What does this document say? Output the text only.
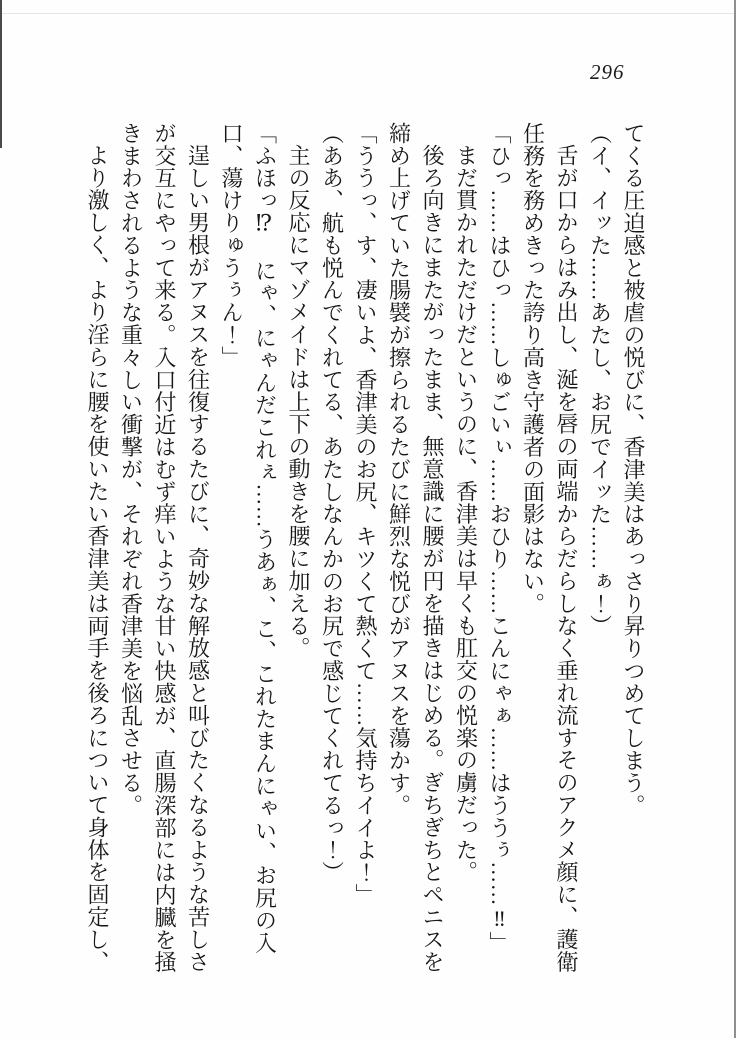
296

てくる圧迫感と被虐の悦びに、香津美はあっさり昇りつめてしまう。

（イ、イッた……あたし、お尻でイッた……ぁ！）

舌が口からはみ出し、涎を唇の両端からだらしなく垂れ流すそのアクメ顔に、護衛任務を務めきった誇り高き守護者の面影はない。

「ひっ……はひっ……しゅごいぃ……おひり……こんにゃぁ……はううぅ……‼」

まだ貫かれただけだというのに、香津美は早くも肛交の悦楽の虜だった。

後ろ向きにまたがったまま、無意識に腰が円を描きはじめる。ぎちぎちとペニスを締め上げていた腸襞が擦られるたびに鮮烈な悦びがアヌスを蕩かす。

「ううっ、す、凄いよ、香津美のお尻、キツくて熱くて……気持ちイイよ！」

（ああ、航も悦んでくれてる、あたしなんかのお尻で感じてくれてるっ！）

主の反応にマゾメイドは上下の動きを腰に加える。

「ふほっ⁉　にゃ、にゃんだこれぇ……うあぁ、こ、これたまんにゃい、お尻の入口、蕩けりゅうぅん！」

逞しい男根がアヌスを往復するたびに、奇妙な解放感と叫びたくなるような苦しさが交互にやって来る。入口付近はむず痒いような甘い快感が、直腸深部には内臓を掻きまわされるような重々しい衝撃が、それぞれ香津美を悩乱させる。

より激しく、より淫らに腰を使いたい香津美は両手を後ろについて身体を固定し、
